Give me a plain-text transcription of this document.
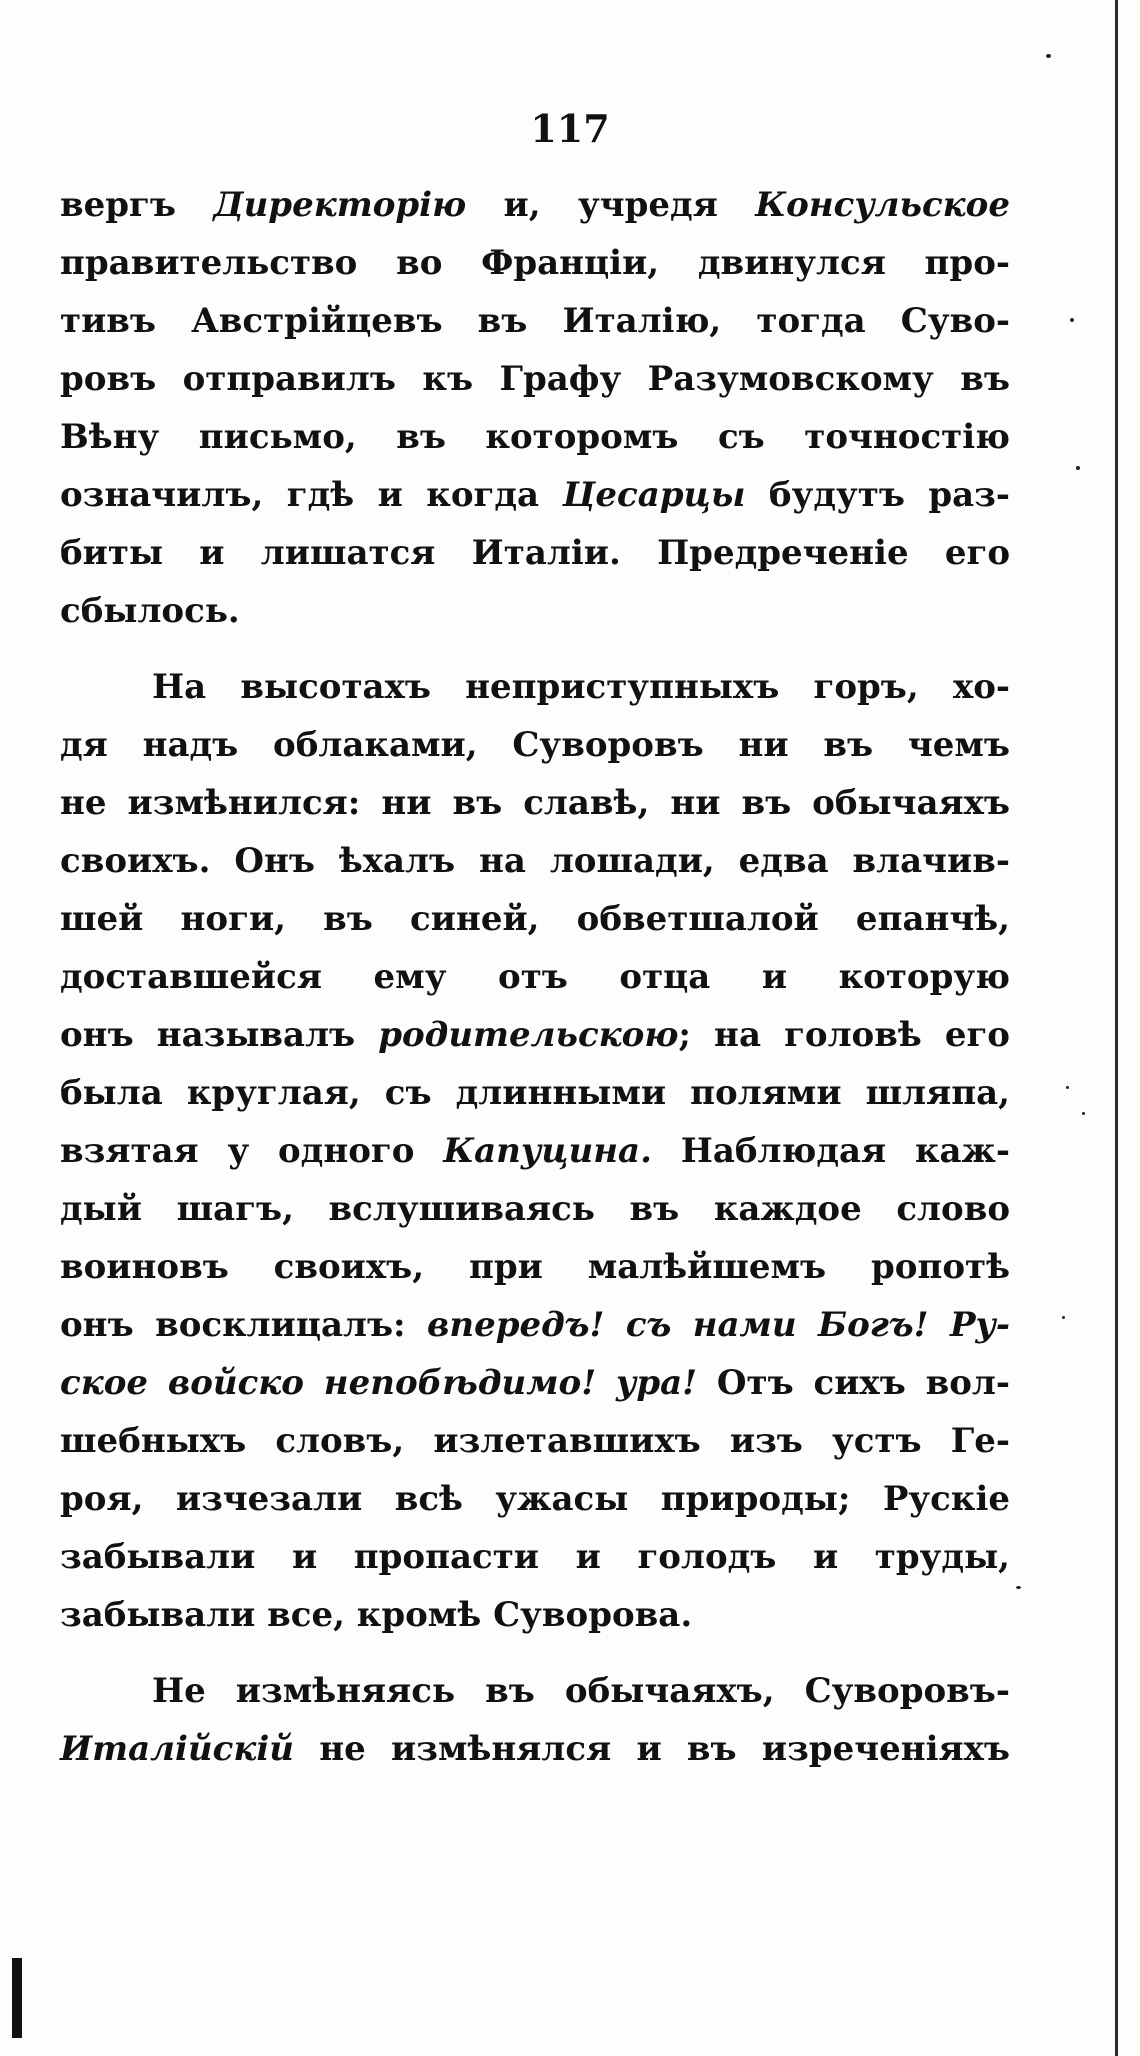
117
вергъ Директорію и, учредя Консульское
правительство во Франціи, двинулся про-
тивъ Австрійцевъ въ Италію, тогда Суво-
ровъ отправилъ къ Графу Разумовскому въ
Вѣну письмо, въ которомъ съ точностію
означилъ, гдѣ и когда Цесарцы будутъ раз-
биты и лишатся Италіи. Предреченіе его
сбылось.
На высотахъ неприступныхъ горъ, хо-
дя надъ облаками, Суворовъ ни въ чемъ
не измѣнился: ни въ славѣ, ни въ обычаяхъ
своихъ. Онъ ѣхалъ на лошади, едва влачив-
шей ноги, въ синей, обветшалой епанчѣ,
доставшейся ему отъ отца и которую
онъ называлъ родительскою; на головѣ его
была круглая, съ длинными полями шляпа,
взятая у одного Капуцина. Наблюдая каж-
дый шагъ, вслушиваясь въ каждое слово
воиновъ своихъ, при малѣйшемъ ропотѣ
онъ восклицалъ: впередъ! съ нами Богъ! Ру-
ское войско непобѣдимо! ура! Отъ сихъ вол-
шебныхъ словъ, излетавшихъ изъ устъ Ге-
роя, изчезали всѣ ужасы природы; Рускіе
забывали и пропасти и голодъ и труды,
забывали все, кромѣ Суворова.
Не измѣняясь въ обычаяхъ, Суворовъ-
Италійскій не измѣнялся и въ изреченіяхъ
